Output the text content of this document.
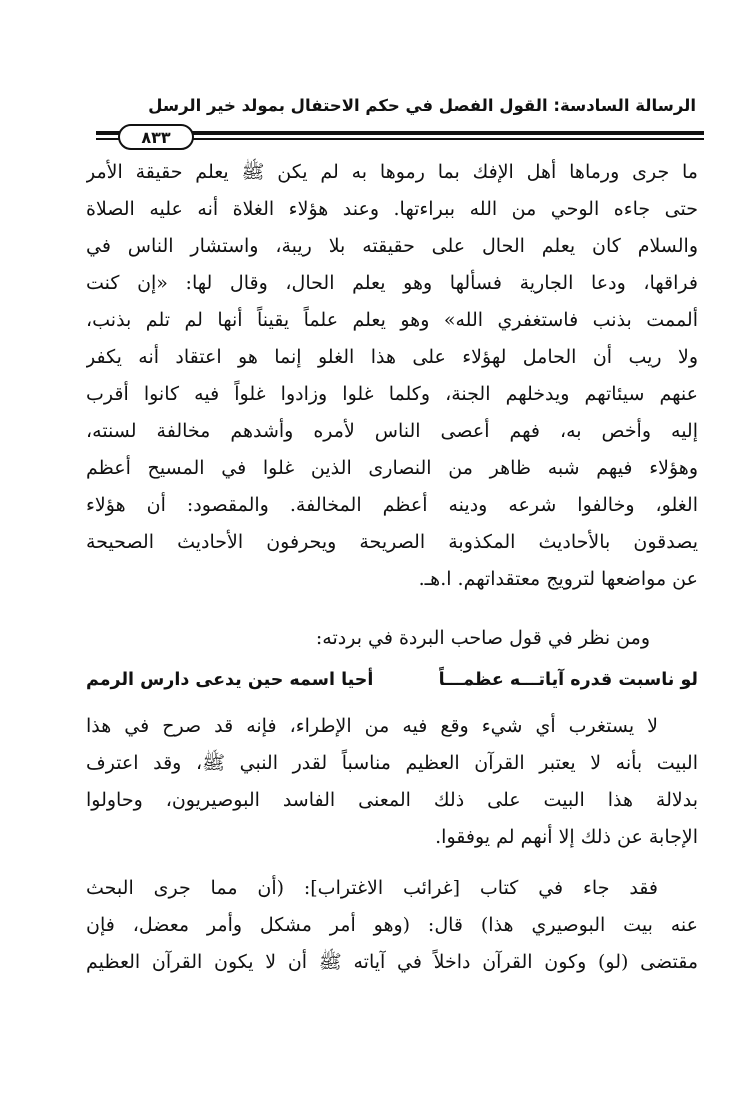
الرسالة السادسة: القول الفصل في حكم الاحتفال بمولد خير الرسل
٨٣٣
ما جرى ورماها أهل الإفك بما رموها به لم يكن ﷺ يعلم حقيقة الأمر
حتى جاءه الوحي من الله ببراءتها. وعند هؤلاء الغلاة أنه عليه الصلاة
والسلام كان يعلم الحال على حقيقته بلا ريبة، واستشار الناس في
فراقها، ودعا الجارية فسألها وهو يعلم الحال، وقال لها: «إن كنت
ألممت بذنب فاستغفري الله» وهو يعلم علماً يقيناً أنها لم تلم بذنب،
ولا ريب أن الحامل لهؤلاء على هذا الغلو إنما هو اعتقاد أنه يكفر
عنهم سيئاتهم ويدخلهم الجنة، وكلما غلوا وزادوا غلواً فيه كانوا أقرب
إليه وأخص به، فهم أعصى الناس لأمره وأشدهم مخالفة لسنته،
وهؤلاء فيهم شبه ظاهر من النصارى الذين غلوا في المسيح أعظم
الغلو، وخالفوا شرعه ودينه أعظم المخالفة. والمقصود: أن هؤلاء
يصدقون بالأحاديث المكذوبة الصريحة ويحرفون الأحاديث الصحيحة
عن مواضعها لترويج معتقداتهم. ا.هـ.
ومن نظر في قول صاحب البردة في بردته:
لو ناسبت قدره آياتـــه عظمـــاً
أحيا اسمه حين يدعى دارس الرمم
لا يستغرب أي شيء وقع فيه من الإطراء، فإنه قد صرح في هذا
البيت بأنه لا يعتبر القرآن العظيم مناسباً لقدر النبي ﷺ، وقد اعترف
بدلالة هذا البيت على ذلك المعنى الفاسد البوصيريون، وحاولوا
الإجابة عن ذلك إلا أنهم لم يوفقوا.
فقد جاء في كتاب [غرائب الاغتراب]: (أن مما جرى البحث
عنه بيت البوصيري هذا) قال: (وهو أمر مشكل وأمر معضل، فإن
مقتضى (لو) وكون القرآن داخلاً في آياته ﷺ أن لا يكون القرآن العظيم
